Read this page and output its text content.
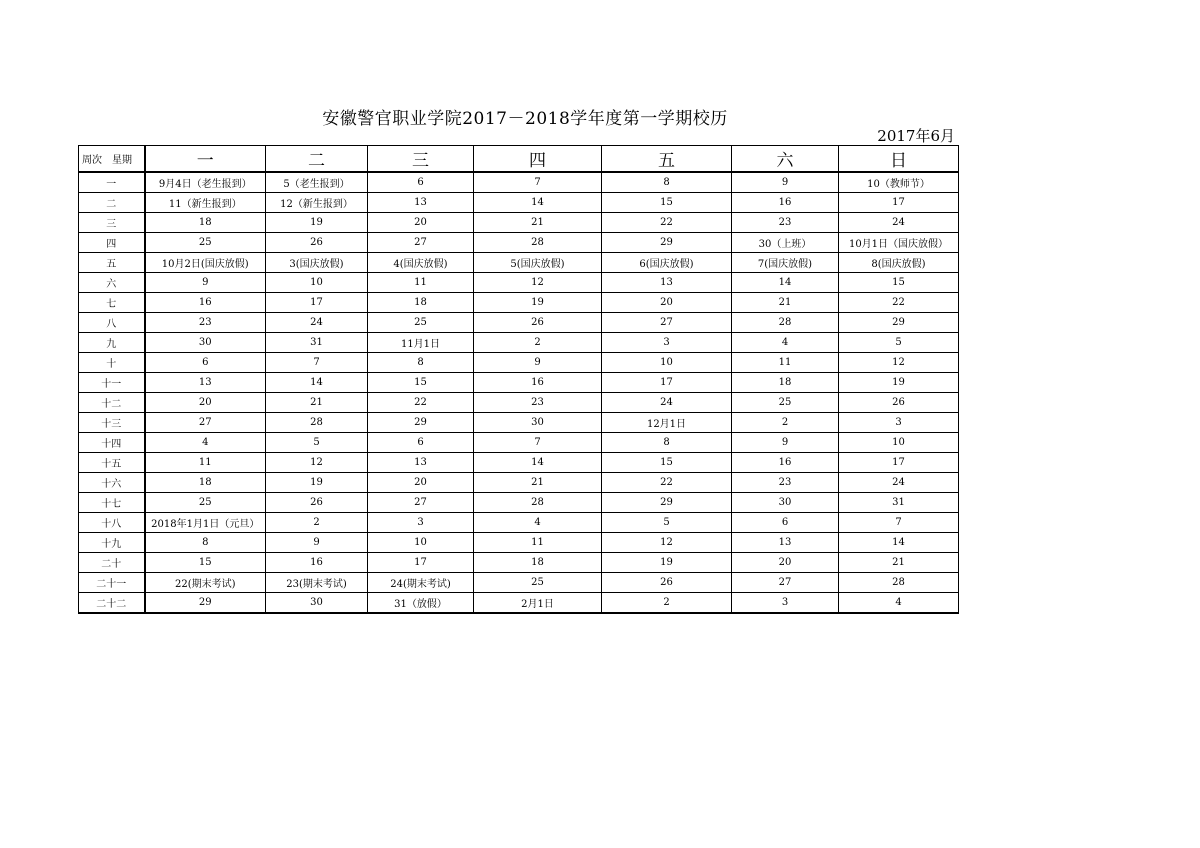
安徽警官职业学院2017－2018学年度第一学期校历
2017年6月
周次　星期	一	二	三	四	五	六	日
一	9月4日（老生报到）	5（老生报到）	6	7	8	9	10（教师节）
二	11（新生报到）	12（新生报到）	13	14	15	16	17
三	18	19	20	21	22	23	24
四	25	26	27	28	29	30（上班）	10月1日（国庆放假）
五	10月2日(国庆放假)	3(国庆放假)	4(国庆放假)	5(国庆放假)	6(国庆放假)	7(国庆放假)	8(国庆放假)
六	9	10	11	12	13	14	15
七	16	17	18	19	20	21	22
八	23	24	25	26	27	28	29
九	30	31	11月1日	2	3	4	5
十	6	7	8	9	10	11	12
十一	13	14	15	16	17	18	19
十二	20	21	22	23	24	25	26
十三	27	28	29	30	12月1日	2	3
十四	4	5	6	7	8	9	10
十五	11	12	13	14	15	16	17
十六	18	19	20	21	22	23	24
十七	25	26	27	28	29	30	31
十八	2018年1月1日（元旦）	2	3	4	5	6	7
十九	8	9	10	11	12	13	14
二十	15	16	17	18	19	20	21
二十一	22(期末考试)	23(期末考试)	24(期末考试)	25	26	27	28
二十二	29	30	31（放假）	2月1日	2	3	4
